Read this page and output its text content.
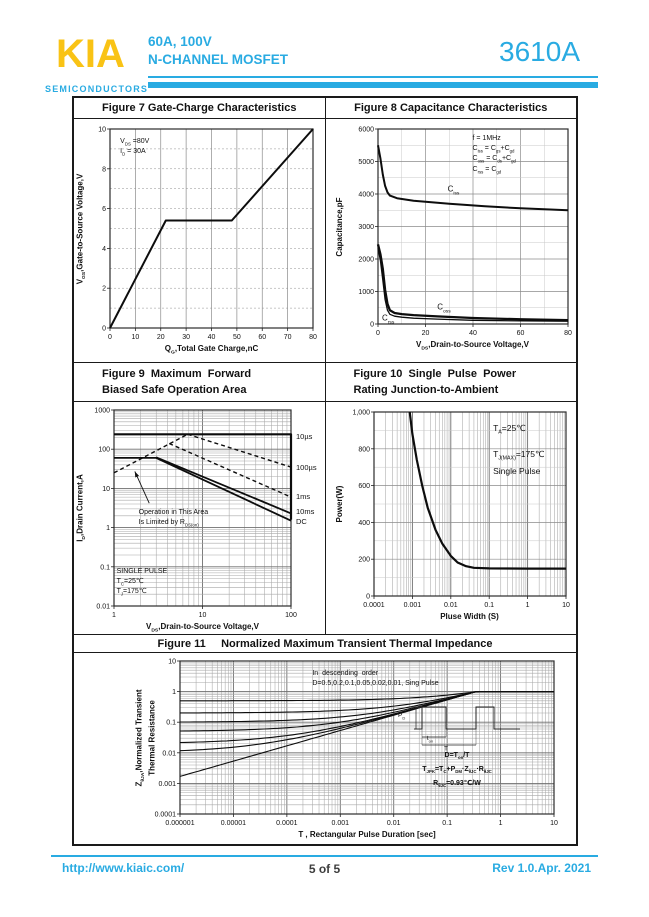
KIA
SEMICONDUCTORS
60A, 100V
N-CHANNEL MOSFET	3610A
Figure 7 Gate-Charge Characteristics	Figure 8 Capacitance Characteristics
0	10	20	30	40	50	60	70	80
0
2
4
6
8
10
$V_{DS} =80V$
$I_D = 30A$
$Q_G,Total$ Gate Charge,nC
$V_{GS},Gate-to$-Source Voltage,V
0	20	40	60	80
0
1000
2000
3000
4000
5000
6000
f = 1MHz
$C_{iss} = C_{gs}+C_{gd}$
$C_{oss} = C_{ds}+C_{gd}$
$C_{rss} = C_{gd}$
$C_{iss}$
$C_{oss}$
$C_{rss}$
$V_{DS},Drain-to$-Source Voltage,V
Capacitance,pF
Figure 9  Maximum  Forward
Biased Safe Operation Area
Figure 10  Single  Pulse  Power
Rating Junction-to-Ambient
1	10	100
0.01
0.1
1
10
100
1000
10µs
100µs
1ms
10ms
DC
Operation in This Area
Is Limited by $R_{DS(on)}$
SINGLE PULSE
$T_C=25℃$
$T_J=175℃$
$V_{DS},Drain-to$-Source Voltage,V
$I_D,Drain$ Current,A
0.0001	0.001	0.01	0.1	1	10
0
200
400
600
800
1,000
$T_A=25℃$
$T_{J(MAX)}=175℃$
Single Pulse
Pluse Width (S)
Power(W)
Figure 11     Normalized Maximum Transient Thermal Impedance
0.000001	0.00001	0.0001	0.001	0.01	0.1	1	10
0.0001
0.001
0.01
0.1
1
10
In  descending  order
D=0.5,0.2,0.1,0.05,0.02,0.01, Sing Pulse
$D=T_{on}/T$
$T_{JPK}=T_C+P_{DM}\cdot Z_{\theta JC}\cdot R_{\theta JC}$
$R_{\theta JC}=0.93℃/W$
$P_D$
$t_{on}$
T
T , Rectangular Pulse Duration [sec]
$Z_{\theta JA},Normalized$ Transient Thermal Resistance
http://www.kiaic.com/	5 of 5	Rev 1.0.Apr. 2021
